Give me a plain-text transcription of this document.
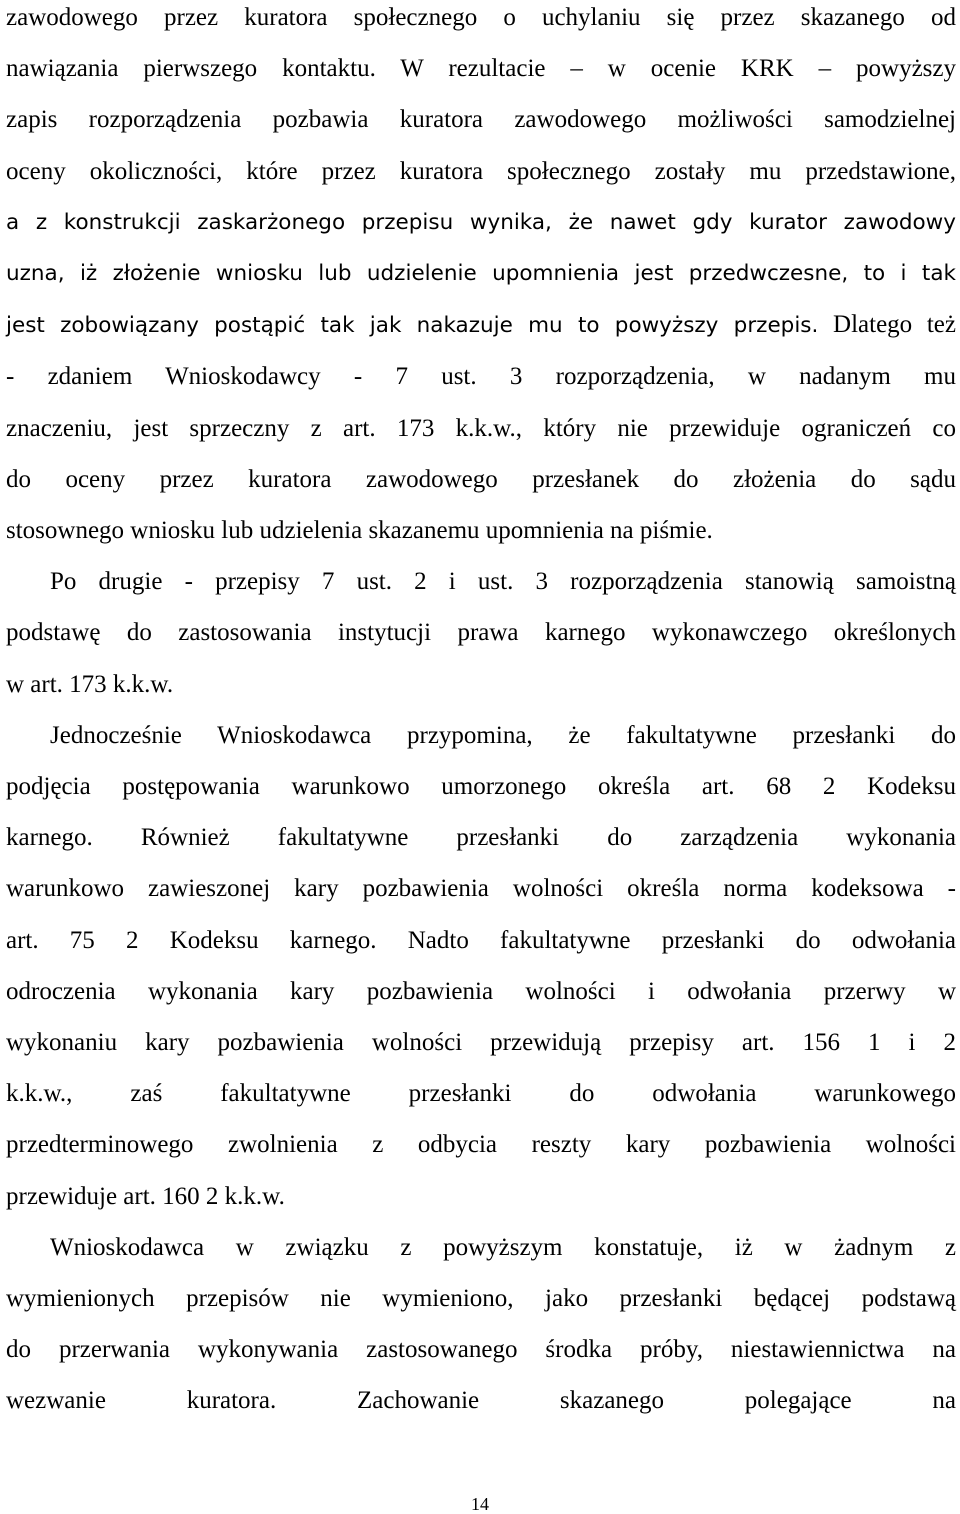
zawodowego przez kuratora społecznego o uchylaniu się przez skazanego od
nawiązania pierwszego kontaktu. W rezultacie – w ocenie KRK – powyższy
zapis rozporządzenia pozbawia kuratora zawodowego możliwości samodzielnej
oceny okoliczności, które przez kuratora społecznego zostały mu przedstawione,
a z konstrukcji zaskarżonego przepisu wynika, że nawet gdy kurator zawodowy
uzna, iż złożenie wniosku lub udzielenie upomnienia jest przedwczesne, to i tak
jest zobowiązany postąpić tak jak nakazuje mu to powyższy przepis. Dlatego też
- zdaniem Wnioskodawcy - 7 ust. 3 rozporządzenia, w nadanym mu
znaczeniu, jest sprzeczny z art. 173 k.k.w., który nie przewiduje ograniczeń co
do oceny przez kuratora zawodowego przesłanek do złożenia do sądu
stosownego wniosku lub udzielenia skazanemu upomnienia na piśmie.
Po drugie - przepisy 7 ust. 2 i ust. 3 rozporządzenia stanowią samoistną
podstawę do zastosowania instytucji prawa karnego wykonawczego określonych
w art. 173 k.k.w.
Jednocześnie Wnioskodawca przypomina, że fakultatywne przesłanki do
podjęcia postępowania warunkowo umorzonego określa art. 68 2 Kodeksu
karnego. Również fakultatywne przesłanki do zarządzenia wykonania
warunkowo zawieszonej kary pozbawienia wolności określa norma kodeksowa -
art. 75 2 Kodeksu karnego. Nadto fakultatywne przesłanki do odwołania
odroczenia wykonania kary pozbawienia wolności i odwołania przerwy w
wykonaniu kary pozbawienia wolności przewidują przepisy art. 156 1 i 2
k.k.w., zaś fakultatywne przesłanki do odwołania warunkowego
przedterminowego zwolnienia z odbycia reszty kary pozbawienia wolności
przewiduje art. 160 2 k.k.w.
Wnioskodawca w związku z powyższym konstatuje, iż w żadnym z
wymienionych przepisów nie wymieniono, jako przesłanki będącej podstawą
do przerwania wykonywania zastosowanego środka próby, niestawiennictwa na
wezwanie kuratora. Zachowanie skazanego polegające na
14
